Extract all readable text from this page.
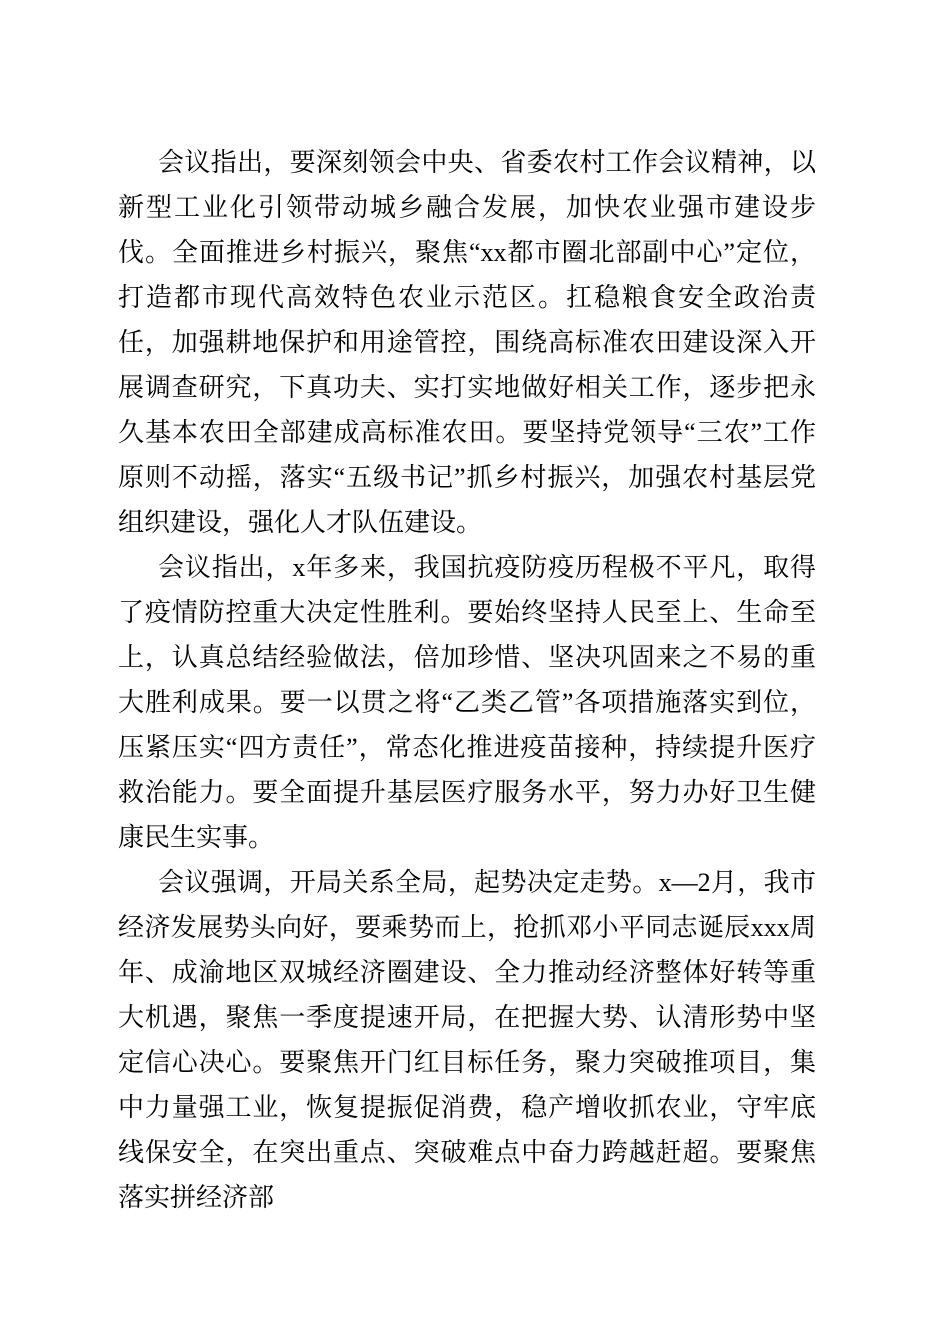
会议指出，要深刻领会中央、省委农村工作会议精神，以新型工业化引领带动城乡融合发展，加快农业强市建设步伐。全面推进乡村振兴，聚焦“xx都市圈北部副中心”定位，打造都市现代高效特色农业示范区。扛稳粮食安全政治责任，加强耕地保护和用途管控，围绕高标准农田建设深入开展调查研究，下真功夫、实打实地做好相关工作，逐步把永久基本农田全部建成高标准农田。要坚持党领导“三农”工作原则不动摇，落实“五级书记”抓乡村振兴，加强农村基层党组织建设，强化人才队伍建设。

会议指出，x年多来，我国抗疫防疫历程极不平凡，取得了疫情防控重大决定性胜利。要始终坚持人民至上、生命至上，认真总结经验做法，倍加珍惜、坚决巩固来之不易的重大胜利成果。要一以贯之将“乙类乙管”各项措施落实到位，压紧压实“四方责任”，常态化推进疫苗接种，持续提升医疗救治能力。要全面提升基层医疗服务水平，努力办好卫生健康民生实事。

会议强调，开局关系全局，起势决定走势。x—2月，我市经济发展势头向好，要乘势而上，抢抓邓小平同志诞辰xxx周年、成渝地区双城经济圈建设、全力推动经济整体好转等重大机遇，聚焦一季度提速开局，在把握大势、认清形势中坚定信心决心。要聚焦开门红目标任务，聚力突破推项目，集中力量强工业，恢复提振促消费，稳产增收抓农业，守牢底线保安全，在突出重点、突破难点中奋力跨越赶超。要聚焦落实拼经济部
